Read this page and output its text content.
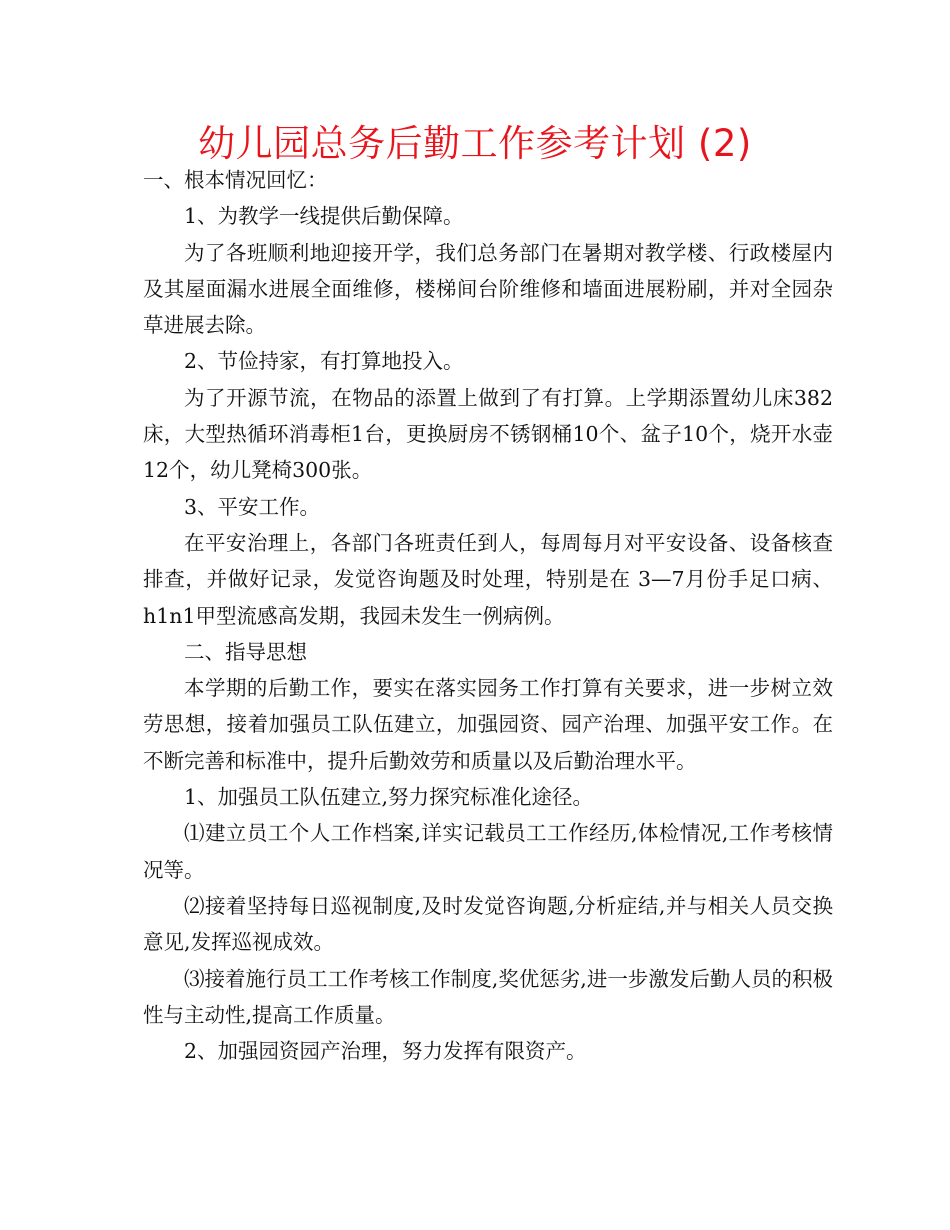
幼儿园总务后勤工作参考计划 (2)

一、根本情况回忆：

1、为教学一线提供后勤保障。

为了各班顺利地迎接开学，我们总务部门在暑期对教学楼、行政楼屋内及其屋面漏水进展全面维修，楼梯间台阶维修和墙面进展粉刷，并对全园杂草进展去除。

2、节俭持家，有打算地投入。

为了开源节流，在物品的添置上做到了有打算。上学期添置幼儿床382床，大型热循环消毒柜1台，更换厨房不锈钢桶10个、盆子10个，烧开水壶12个，幼儿凳椅300张。

3、平安工作。

在平安治理上，各部门各班责任到人，每周每月对平安设备、设备核查排查，并做好记录，发觉咨询题及时处理，特别是在 3—7月份手足口病、h1n1甲型流感高发期，我园未发生一例病例。

二、指导思想

本学期的后勤工作，要实在落实园务工作打算有关要求，进一步树立效劳思想，接着加强员工队伍建立，加强园资、园产治理、加强平安工作。在不断完善和标准中，提升后勤效劳和质量以及后勤治理水平。

1、加强员工队伍建立,努力探究标准化途径。

⑴建立员工个人工作档案,详实记载员工工作经历,体检情况,工作考核情况等。

⑵接着坚持每日巡视制度,及时发觉咨询题,分析症结,并与相关人员交换意见,发挥巡视成效。

⑶接着施行员工工作考核工作制度,奖优惩劣,进一步激发后勤人员的积极性与主动性,提高工作质量。

2、加强园资园产治理，努力发挥有限资产。
